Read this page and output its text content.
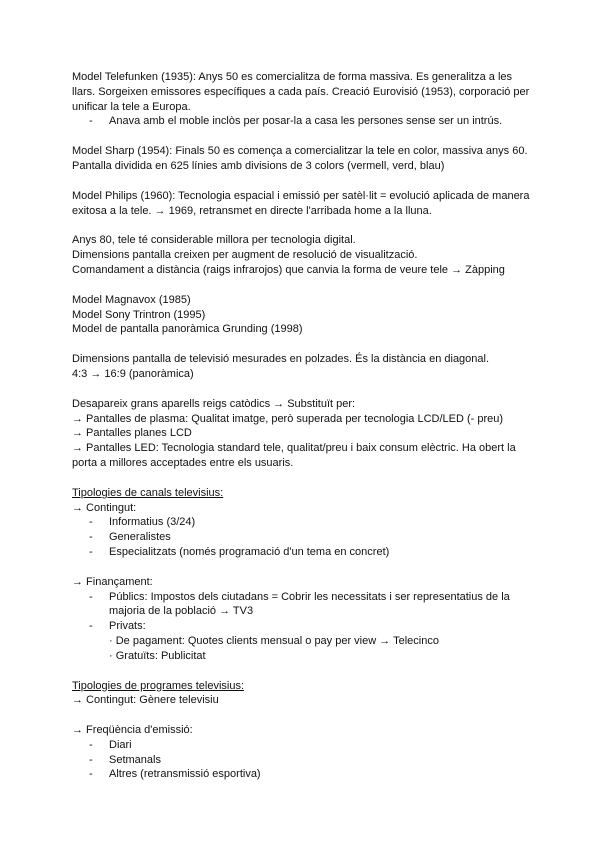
Model Telefunken (1935): Anys 50 es comercialitza de forma massiva. Es generalitza a les llars. Sorgeixen emissores específiques a cada país. Creació Eurovisió (1953), corporació per unificar la tele a Europa.

- Anava amb el moble inclòs per posar-la a casa les persones sense ser un intrús.

Model Sharp (1954): Finals 50 es comença a comercialitzar la tele en color, massiva anys 60. Pantalla dividida en 625 línies amb divisions de 3 colors (vermell, verd, blau)

Model Philips (1960): Tecnologia espacial i emissió per satèl·lit = evolució aplicada de manera exitosa a la tele. → 1969, retransmet en directe l'arribada home a la lluna.

Anys 80, tele té considerable millora per tecnologia digital.

Dimensions pantalla creixen per augment de resolució de visualització.

Comandament a distància (raigs infrarojos) que canvia la forma de veure tele → Zàpping

Model Magnavox (1985)

Model Sony Trintron (1995)

Model de pantalla panoràmica Grunding (1998)

Dimensions pantalla de televisió mesurades en polzades. És la distància en diagonal.

4:3 → 16:9 (panoràmica)

Desapareix grans aparells reigs catòdics → Substituït per:

→ Pantalles de plasma: Qualitat imatge, però superada per tecnologia LCD/LED (- preu)

→ Pantalles planes LCD

→ Pantalles LED: Tecnologia standard tele, qualitat/preu i baix consum elèctric. Ha obert la porta a millores acceptades entre els usuaris.

Tipologies de canals televisius:

→ Contingut:

- Informatius (3/24)
- Generalistes
- Especialitzats (només programació d'un tema en concret)

→ Finançament:

- Públics: Impostos dels ciutadans = Cobrir les necessitats i ser representatius de la majoria de la població → TV3
- Privats:

· De pagament: Quotes clients mensual o pay per view → Telecinco

· Gratuïts: Publicitat

Tipologies de programes televisius:

→ Contingut: Gènere televisiu

→ Freqüència d'emissió:

- Diari
- Setmanals
- Altres (retransmissió esportiva)
